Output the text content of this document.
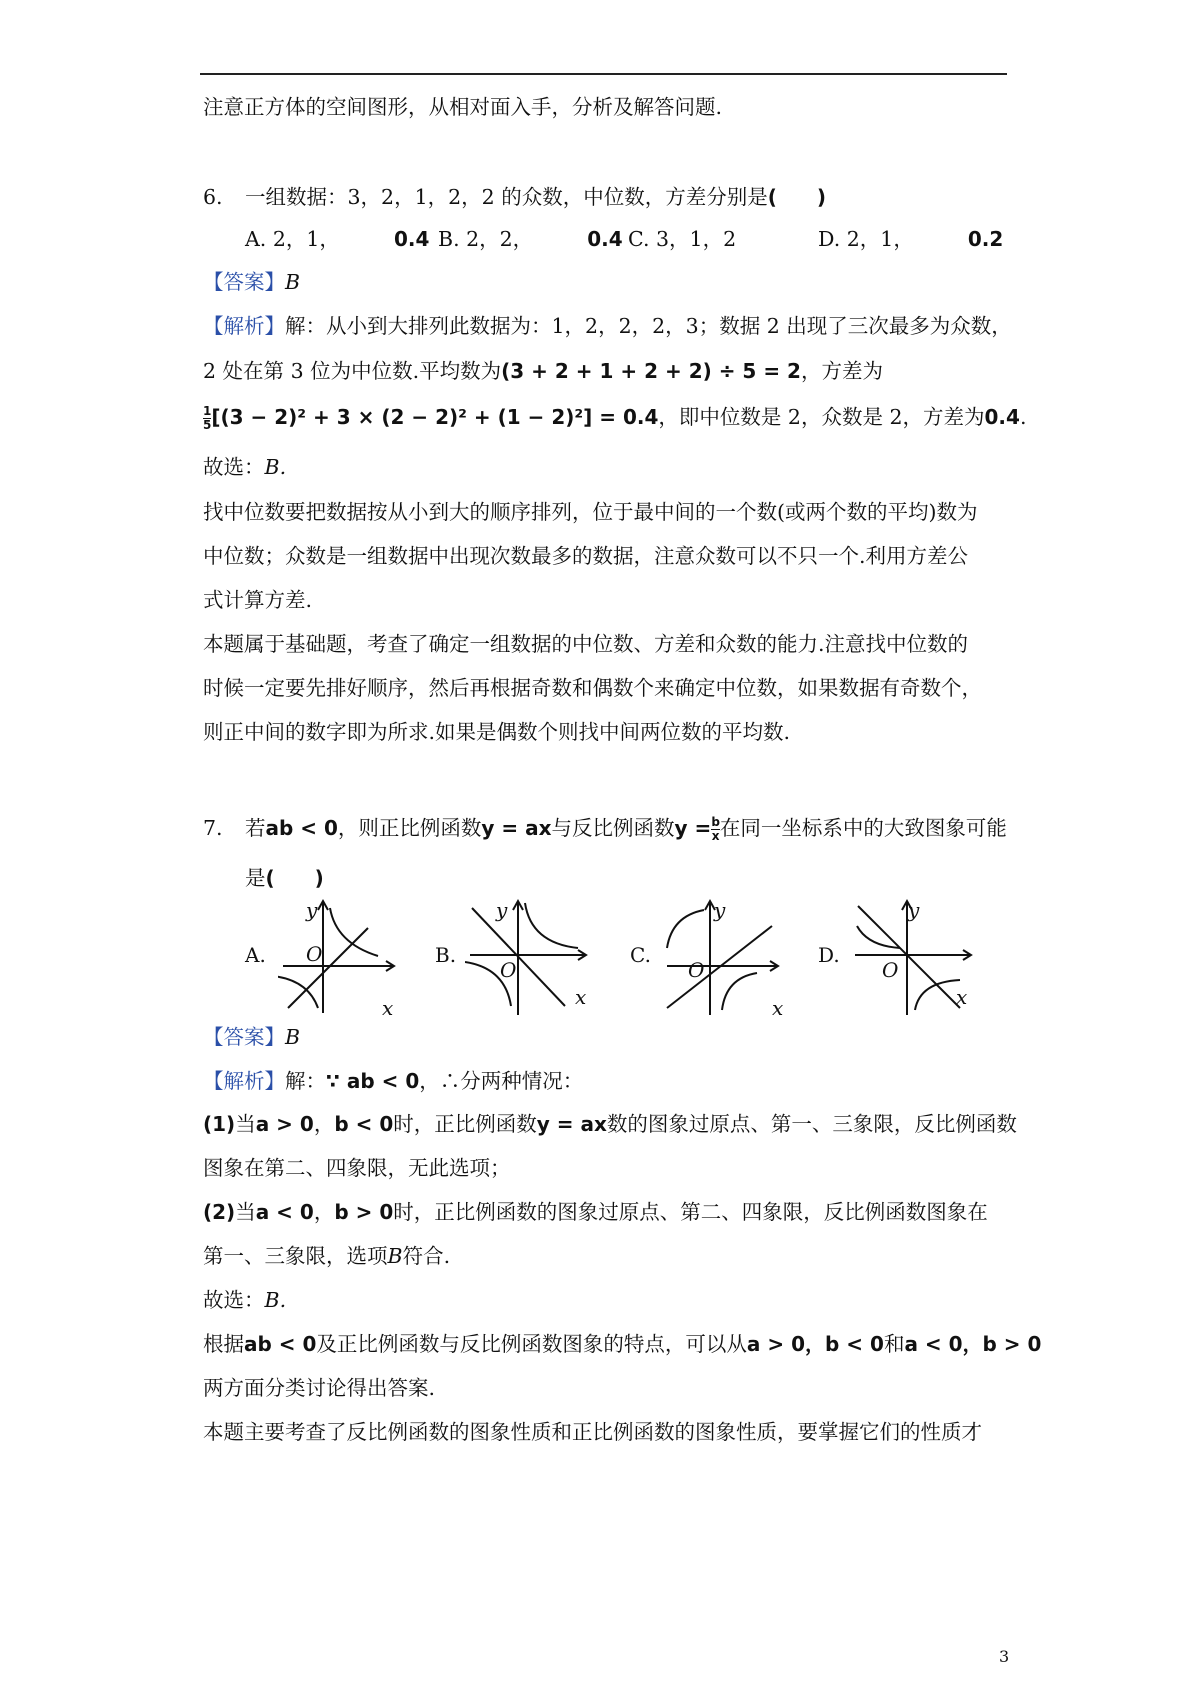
注意正方体的空间图形，从相对面入手，分析及解答问题.
6. 一组数据：3，2，1，2，2 的众数，中位数，方差分别是(　　)
A. 2，1，	0.4 B. 2，2，	0.4 C. 3，1，2	D. 2，1，	0.2
【答案】B
【解析】解：从小到大排列此数据为：1，2，2，2，3；数据 2 出现了三次最多为众数，
2 处在第 3 位为中位数.平均数为(3 + 2 + 1 + 2 + 2) ÷ 5 = 2，方差为
$\frac{1}{5} [(3 - 2)^2 + 3 \times (2 - 2)^2 + (1 - 2)^2] = 0.4$，即中位数是 2，众数是 2，方差为0.4.
故选：B.
找中位数要把数据按从小到大的顺序排列，位于最中间的一个数(或两个数的平均)数为
中位数；众数是一组数据中出现次数最多的数据，注意众数可以不只一个.利用方差公
式计算方差.
本题属于基础题，考查了确定一组数据的中位数、方差和众数的能力.注意找中位数的
时候一定要先排好顺序，然后再根据奇数和偶数个来确定中位数，如果数据有奇数个，
则正中间的数字即为所求.如果是偶数个则找中间两位数的平均数.
7. 若ab < 0，则正比例函数y = ax与反比例函数$y = \frac{b}{x}$ 在同一坐标系中的大致图象可能
是(　　)
A.
y
x
O	B.
y
x
O
C.
y
x
O
D.
y
x
O
【答案】B
【解析】解：∵ ab < 0，∴分两种情况：
(1)当a > 0，b < 0时，正比例函数y = ax数的图象过原点、第一、三象限，反比例函数
图象在第二、四象限，无此选项；
(2)当a < 0，b > 0时，正比例函数的图象过原点、第二、四象限，反比例函数图象在
第一、三象限，选项B符合.
故选：B.
根据ab < 0及正比例函数与反比例函数图象的特点，可以从a > 0，b < 0和a < 0，b > 0
两方面分类讨论得出答案.
本题主要考查了反比例函数的图象性质和正比例函数的图象性质，要掌握它们的性质才
3
